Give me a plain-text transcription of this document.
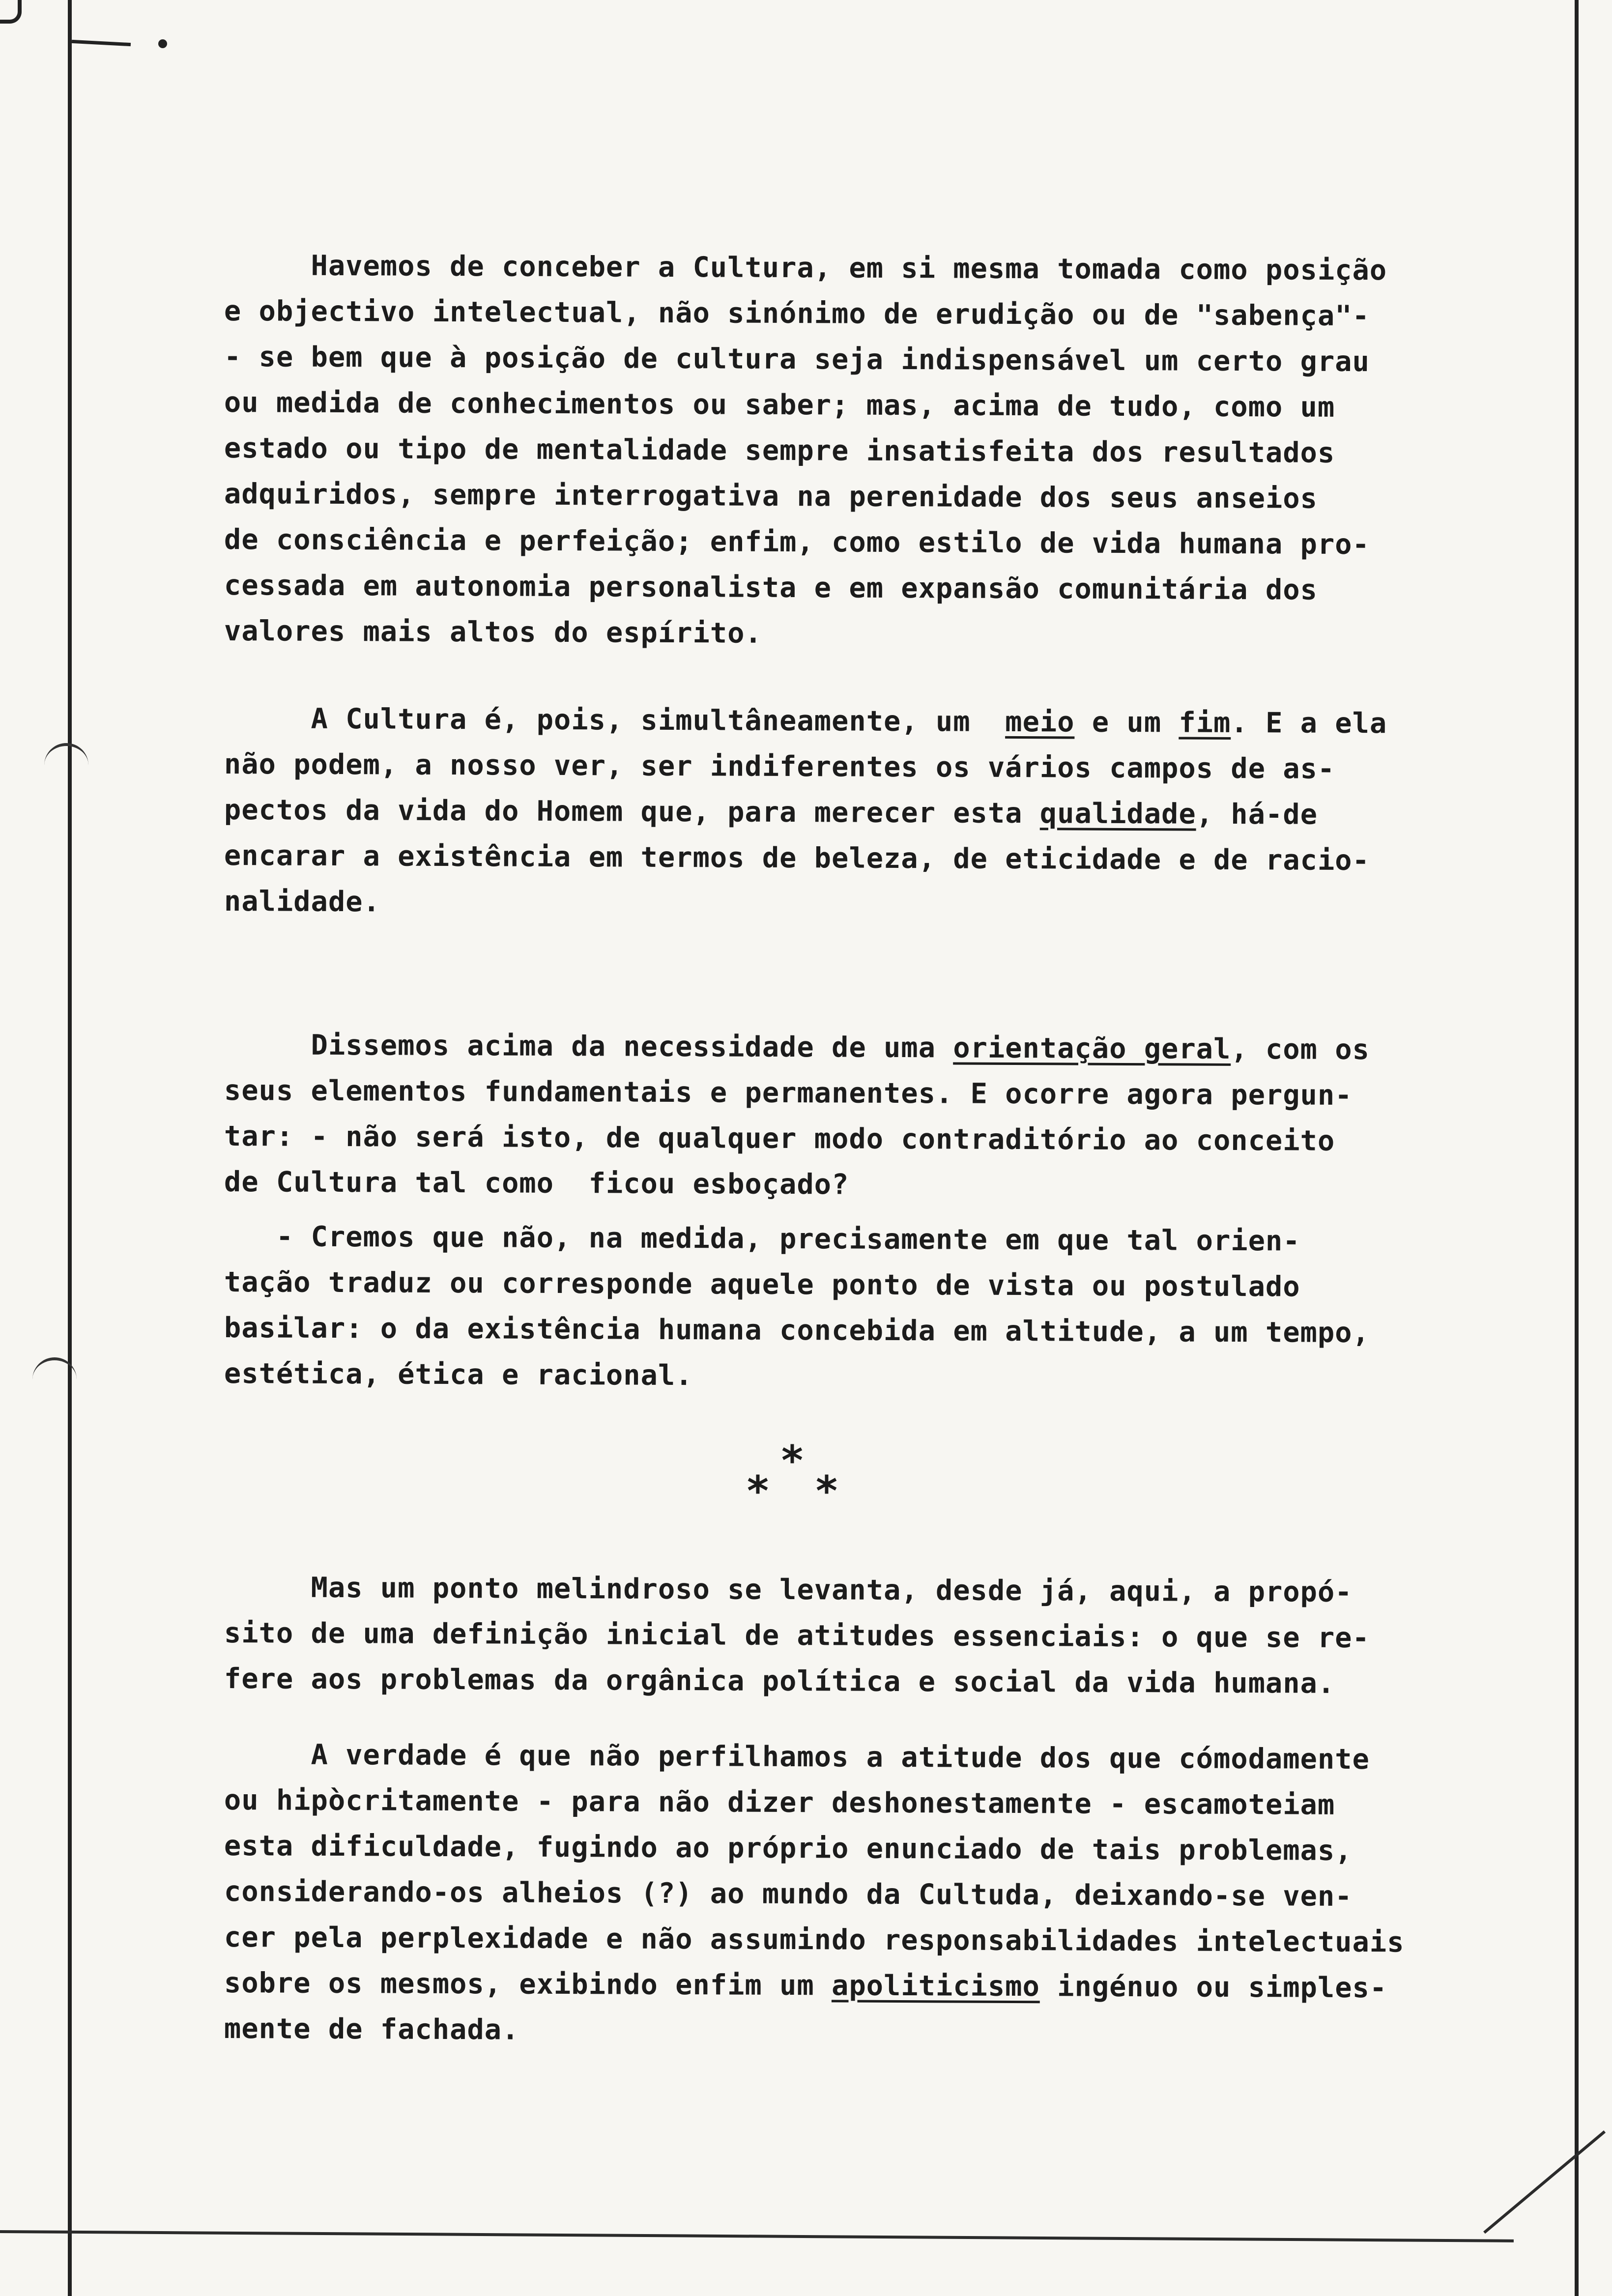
Havemos de conceber a Cultura, em si mesma tomada como posição
e objectivo intelectual, não sinónimo de erudição ou de "sabença"-
- se bem que à posição de cultura seja indispensável um certo grau
ou medida de conhecimentos ou saber; mas, acima de tudo, como um
estado ou tipo de mentalidade sempre insatisfeita dos resultados
adquiridos, sempre interrogativa na perenidade dos seus anseios
de consciência e perfeição; enfim, como estilo de vida humana pro-
cessada em autonomia personalista e em expansão comunitária dos
valores mais altos do espírito.
A Cultura é, pois, simultâneamente, um  meio e um fim. E a ela
não podem, a nosso ver, ser indiferentes os vários campos de as-
pectos da vida do Homem que, para merecer esta qualidade, há-de
encarar a existência em termos de beleza, de eticidade e de racio-
nalidade.
Dissemos acima da necessidade de uma orientação geral, com os
seus elementos fundamentais e permanentes. E ocorre agora pergun-
tar: - não será isto, de qualquer modo contraditório ao conceito
de Cultura tal como  ficou esboçado?
- Cremos que não, na medida, precisamente em que tal orien-
tação traduz ou corresponde aquele ponto de vista ou postulado
basilar: o da existência humana concebida em altitude, a um tempo,
estética, ética e racional.
*
* *
Mas um ponto melindroso se levanta, desde já, aqui, a propó-
sito de uma definição inicial de atitudes essenciais: o que se re-
fere aos problemas da orgânica política e social da vida humana.
A verdade é que não perfilhamos a atitude dos que cómodamente
ou hipòcritamente - para não dizer deshonestamente - escamoteiam
esta dificuldade, fugindo ao próprio enunciado de tais problemas,
considerando-os alheios (?) ao mundo da Cultuda, deixando-se ven-
cer pela perplexidade e não assumindo responsabilidades intelectuais
sobre os mesmos, exibindo enfim um apoliticismo ingénuo ou simples-
mente de fachada.
